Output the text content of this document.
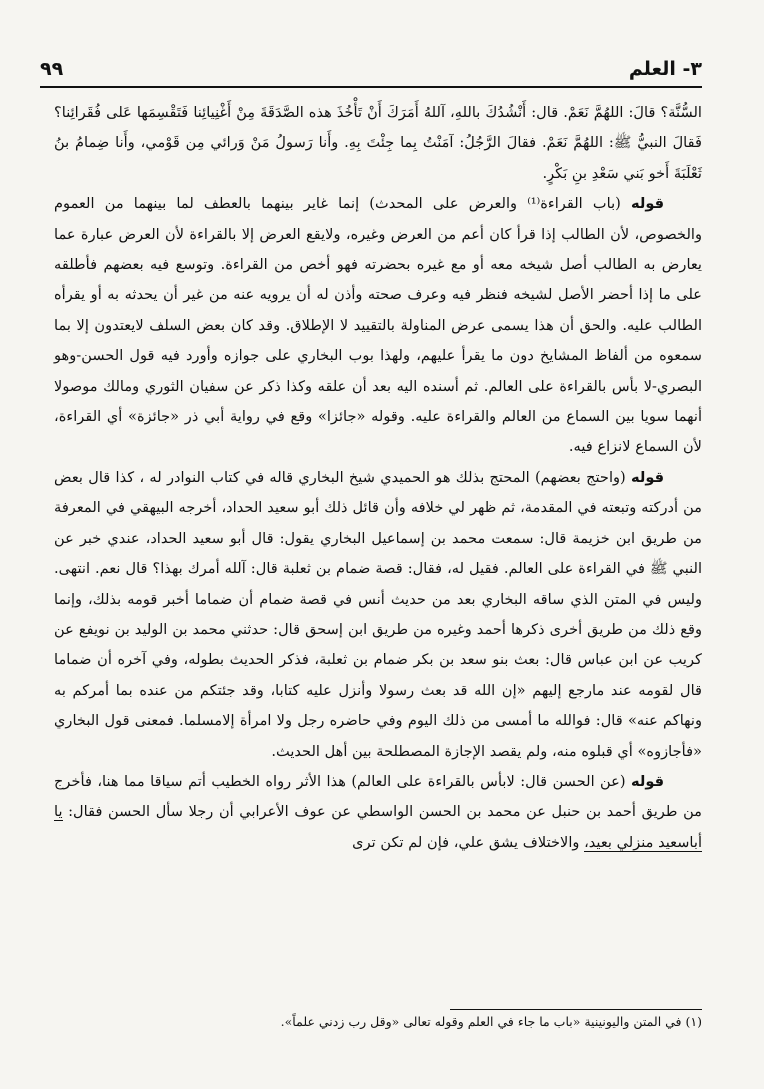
٣- العلم
٩٩

السُّنَّة؟ قالَ: اللهُمَّ نَعَمْ. قال: أَنْشُدُكَ باللهِ، آللهُ أَمَرَكَ أَنْ تَأْخُذَ هذه الصَّدَقَةَ مِنْ أَغْنِيائِنا فَتَقْسِمَها عَلى فُقَرائِنا؟ فَقالَ النبيُّ ﷺ: اللهُمَّ نَعَمْ. فقالَ الرَّجُلُ: آمَنْتُ بِما جِئْتَ بِهِ. وأَنا رَسولُ مَنْ وَرائي مِن قَوْمي، وأَنا ضِمامُ بنُ ثَعْلَبَةَ أَخو بَني سَعْدِ بنِ بَكْرٍ.

قوله (باب القراءة⁽¹⁾ والعرض على المحدث) إنما غاير بينهما بالعطف لما بينهما من العموم والخصوص، لأن الطالب إذا قرأ كان أعم من العرض وغيره، ولايقع العرض إلا بالقراءة لأن العرض عبارة عما يعارض به الطالب أصل شيخه معه أو مع غيره بحضرته فهو أخص من القراءة. وتوسع فيه بعضهم فأطلقه على ما إذا أحضر الأصل لشيخه فنظر فيه وعرف صحته وأذن له أن يرويه عنه من غير أن يحدثه به أو يقرأه الطالب عليه. والحق أن هذا يسمى عرض المناولة بالتقييد لا الإطلاق. وقد كان بعض السلف لايعتدون إلا بما سمعوه من ألفاظ المشايخ دون ما يقرأ عليهم، ولهذا بوب البخاري على جوازه وأورد فيه قول الحسن-وهو البصري-لا بأس بالقراءة على العالم. ثم أسنده اليه بعد أن علقه وكذا ذكر عن سفيان الثوري ومالك موصولا أنهما سويا بين السماع من العالم والقراءة عليه. وقوله «جائزا» وقع في رواية أبي ذر «جائزة» أي القراءة، لأن السماع لانزاع فيه.

قوله (واحتج بعضهم) المحتج بذلك هو الحميدي شيخ البخاري قاله في كتاب النوادر له ، كذا قال بعض من أدركته وتبعته في المقدمة، ثم ظهر لي خلافه وأن قائل ذلك أبو سعيد الحداد، أخرجه البيهقي في المعرفة من طريق ابن خزيمة قال: سمعت محمد بن إسماعيل البخاري يقول: قال أبو سعيد الحداد، عندي خبر عن النبي ﷺ في القراءة على العالم. فقيل له، فقال: قصة ضمام بن ثعلبة قال: آلله أمرك بهذا؟ قال نعم. انتهى. وليس في المتن الذي ساقه البخاري بعد من حديث أنس في قصة ضمام أن ضماما أخبر قومه بذلك، وإنما وقع ذلك من طريق أخرى ذكرها أحمد وغيره من طريق ابن إسحق قال: حدثني محمد بن الوليد بن نويفع عن كريب عن ابن عباس قال: بعث بنو سعد بن بكر ضمام بن ثعلبة، فذكر الحديث بطوله، وفي آخره أن ضماما قال لقومه عند مارجع إليهم «إن الله قد بعث رسولا وأنزل عليه كتابا، وقد جئتكم من عنده بما أمركم به ونهاكم عنه» قال: فوالله ما أمسى من ذلك اليوم وفي حاضره رجل ولا امرأة إلامسلما. فمعنى قول البخاري «فأجازوه» أي قبلوه منه، ولم يقصد الإجازة المصطلحة بين أهل الحديث.

قوله (عن الحسن قال: لابأس بالقراءة على العالم) هذا الأثر رواه الخطيب أتم سياقا مما هنا، فأخرج من طريق أحمد بن حنبل عن محمد بن الحسن الواسطي عن عوف الأعرابي أن رجلا سأل الحسن فقال: يا أباسعيد منزلي بعيد، والاختلاف يشق علي، فإن لم تكن ترى

(١) في المتن واليونينية «باب ما جاء في العلم وقوله تعالى «وقل رب زدني علماً».
